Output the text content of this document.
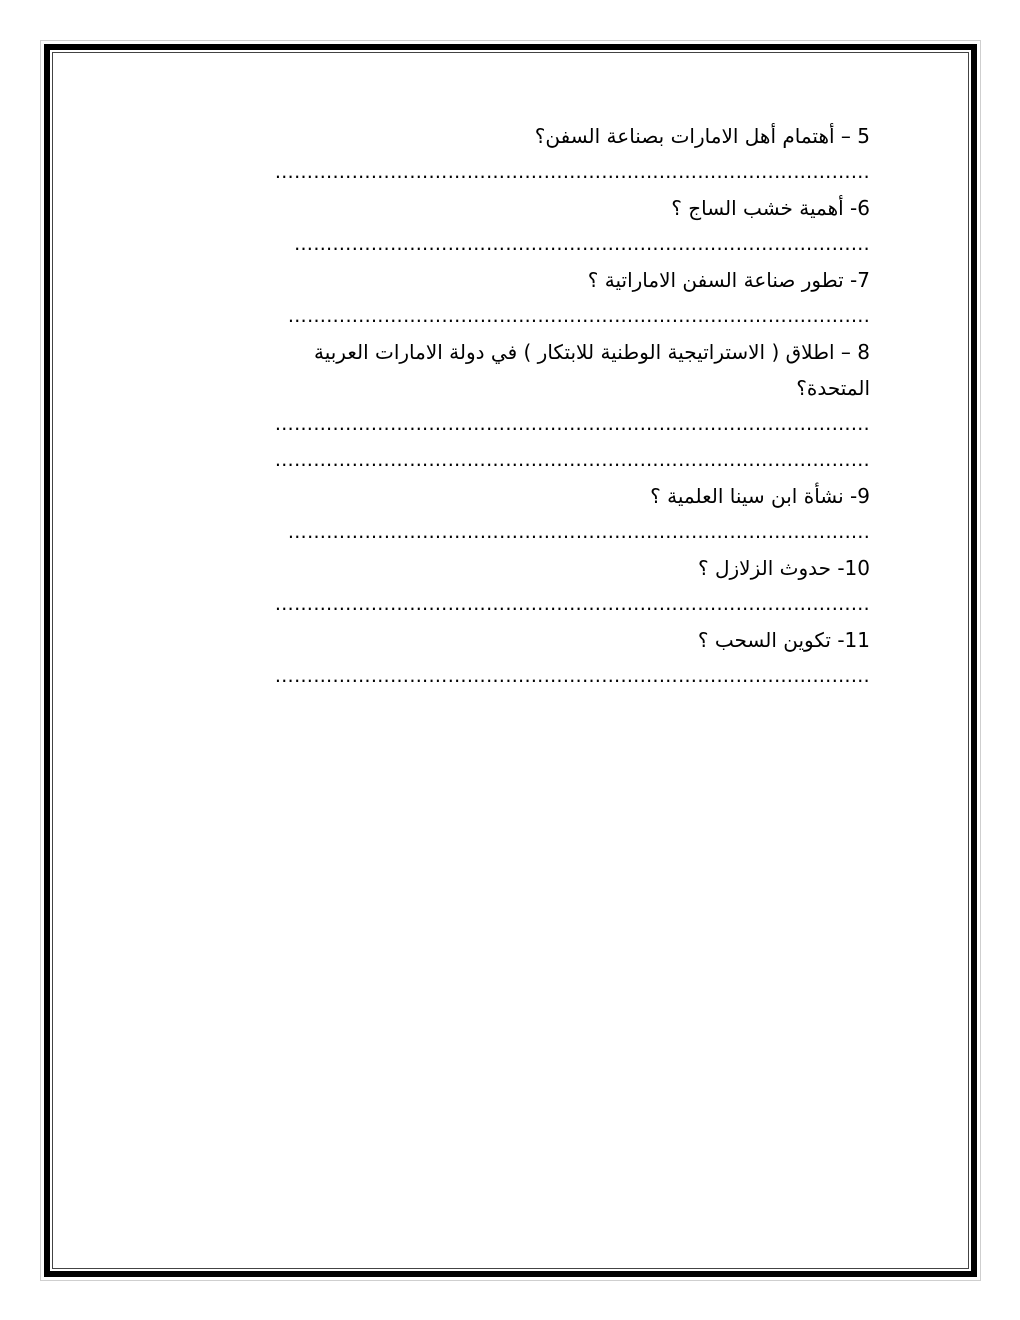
5 – أهتمام أهل الامارات بصناعة السفن؟

…………………………………………………………………………………

6- أهمية خشب الساج ؟

………………………………………………………………………………

7- تطور صناعة السفن الاماراتية ؟

……………………………………………………………………………….

8 – اطلاق ( الاستراتيجية الوطنية للابتكار ) في دولة الامارات العربية
المتحدة؟

…………………………………………………………………………………
…………………………………………………………………………………

9- نشأة ابن سينا العلمية ؟

……………………………………………………………………………….

10- حدوث الزلازل ؟

…………………………………………………………………………………

11- تكوين السحب ؟

…………………………………………………………………………………
